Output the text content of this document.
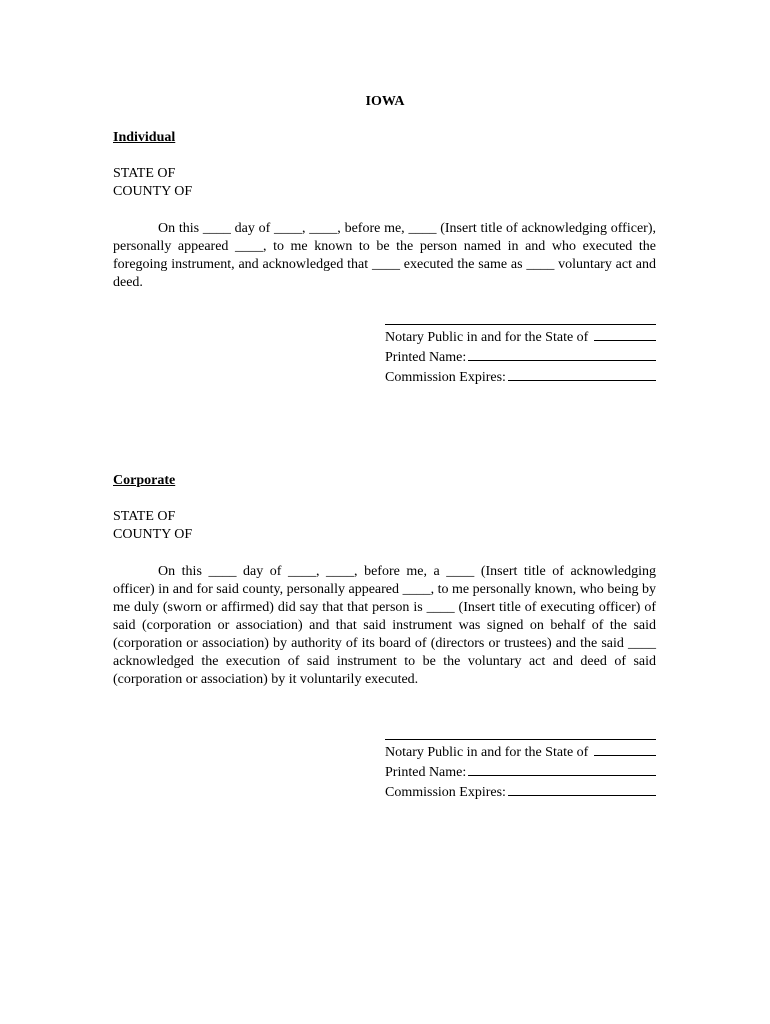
IOWA
Individual
STATE OF
COUNTY OF

On this ____ day of ____, ____, before me, ____ (Insert title of acknowledging officer), personally appeared ____, to me known to be the person named in and who executed the foregoing instrument, and acknowledged that ____ executed the same as ____ voluntary act and deed.

Notary Public in and for the State of
Printed Name:
Commission Expires:
Corporate
STATE OF
COUNTY OF

On this ____ day of ____, ____, before me, a ____ (Insert title of acknowledging officer) in and for said county, personally appeared ____, to me personally known, who being by me duly (sworn or affirmed) did say that that person is ____ (Insert title of executing officer) of said (corporation or association) and that said instrument was signed on behalf of the said (corporation or association) by authority of its board of (directors or trustees) and the said ____ acknowledged the execution of said instrument to be the voluntary act and deed of said (corporation or association) by it voluntarily executed.

Notary Public in and for the State of
Printed Name:
Commission Expires:
